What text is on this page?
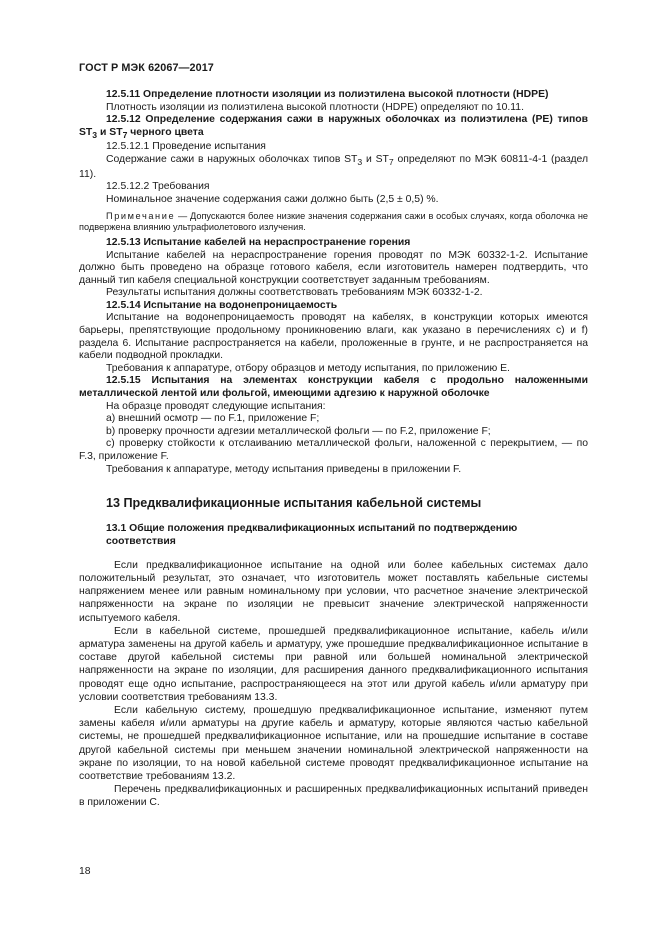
ГОСТ Р МЭК 62067—2017

12.5.11 Определение плотности изоляции из полиэтилена высокой плотности (HDPE)

Плотность изоляции из полиэтилена высокой плотности (HDPE) определяют по 10.11.

12.5.12 Определение содержания сажи в наружных оболочках из полиэтилена (PE) типов $ST_3$ и $ST_7$ черного цвета

12.5.12.1 Проведение испытания

Содержание сажи в наружных оболочках типов $ST_3$ и $ST_7$ определяют по МЭК 60811-4-1 (раздел 11).

12.5.12.2 Требования

Номинальное значение содержания сажи должно быть (2,5 ± 0,5) %.

Примечание — Допускаются более низкие значения содержания сажи в особых случаях, когда оболочка не подвержена влиянию ультрафиолетового излучения.

12.5.13 Испытание кабелей на нераспространение горения

Испытание кабелей на нераспространение горения проводят по МЭК 60332-1-2. Испытание должно быть проведено на образце готового кабеля, если изготовитель намерен подтвердить, что данный тип кабеля специальной конструкции соответствует заданным требованиям.

Результаты испытания должны соответствовать требованиям МЭК 60332-1-2.

12.5.14 Испытание на водонепроницаемость

Испытание на водонепроницаемость проводят на кабелях, в конструкции которых имеются барьеры, препятствующие продольному проникновению влаги, как указано в перечислениях с) и f) раздела 6. Испытание распространяется на кабели, проложенные в грунте, и не распространяется на кабели подводной прокладки.

Требования к аппаратуре, отбору образцов и методу испытания, по приложению Е.

12.5.15 Испытания на элементах конструкции кабеля с продольно наложенными металлической лентой или фольгой, имеющими адгезию к наружной оболочке

На образце проводят следующие испытания:

a) внешний осмотр — по F.1, приложение F;

b) проверку прочности адгезии металлической фольги — по F.2, приложение F;

c) проверку стойкости к отслаиванию металлической фольги, наложенной с перекрытием, — по F.3, приложение F.

Требования к аппаратуре, методу испытания приведены в приложении F.

13 Предквалификационные испытания кабельной системы

13.1 Общие положения предквалификационных испытаний по подтверждению соответствия

Если предквалификационное испытание на одной или более кабельных системах дало положительный результат, это означает, что изготовитель может поставлять кабельные системы напряжением менее или равным номинальному при условии, что расчетное значение электрической напряженности на экране по изоляции не превысит значение электрической напряженности испытуемого кабеля.

Если в кабельной системе, прошедшей предквалификационное испытание, кабель и/или арматура заменены на другой кабель и арматуру, уже прошедшие предквалификационное испытание в составе другой кабельной системы при равной или большей номинальной электрической напряженности на экране по изоляции, для расширения данного предквалификационного испытания проводят еще одно испытание, распространяющееся на этот или другой кабель и/или арматуру при условии соответствия требованиям 13.3.

Если кабельную систему, прошедшую предквалификационное испытание, изменяют путем замены кабеля и/или арматуры на другие кабель и арматуру, которые являются частью кабельной системы, не прошедшей предквалификационное испытание, или на прошедшие испытание в составе другой кабельной системы при меньшем значении номинальной электрической напряженности на экране по изоляции, то на новой кабельной системе проводят предквалификационное испытание на соответствие требованиям 13.2.

Перечень предквалификационных и расширенных предквалификационных испытаний приведен в приложении С.

18
